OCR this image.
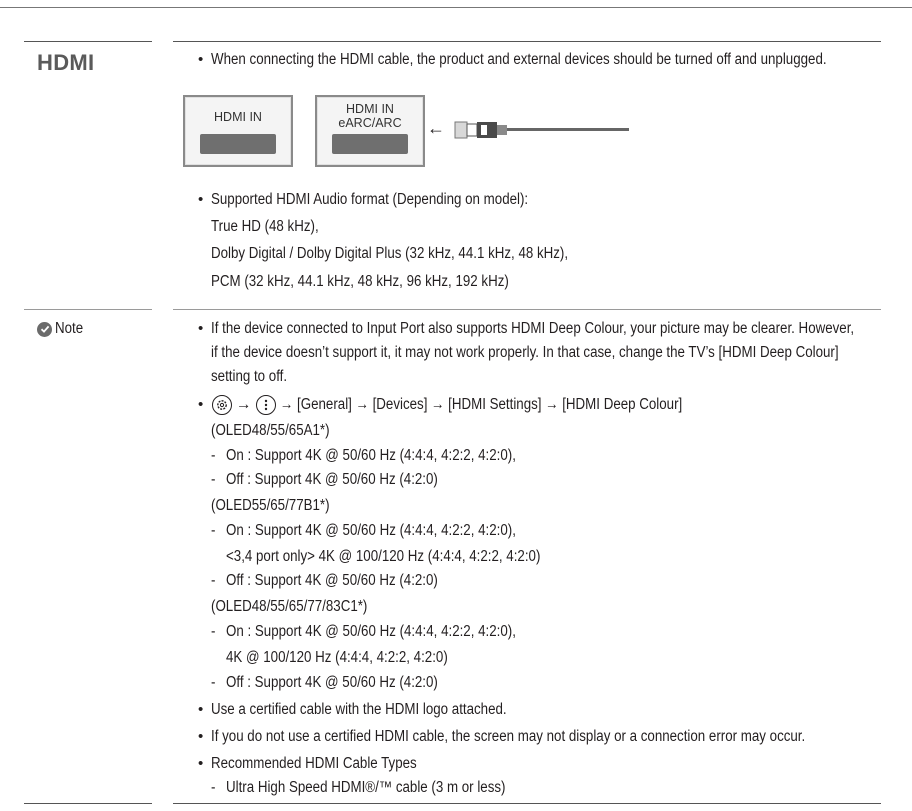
HDMI	• When connecting the HDMI cable, the product and external devices should be turned off and unplugged.
HDMI IN
HDMI IN
eARC/ARC	←
• Supported HDMI Audio format (Depending on model):
True HD (48 kHz),
Dolby Digital / Dolby Digital Plus (32 kHz, 44.1 kHz, 48 kHz),
PCM (32 kHz, 44.1 kHz, 48 kHz, 96 kHz, 192 kHz)
Note	• If the device connected to Input Port also supports HDMI Deep Colour, your picture may be clearer. However,
if the device doesn’t support it, it may not work properly. In that case, change the TV’s [HDMI Deep Colour]
setting to off.
• → → [General] → [Devices] → [HDMI Settings] → [HDMI Deep Colour]
(OLED48/55/65A1*)
- On : Support 4K @ 50/60 Hz (4:4:4, 4:2:2, 4:2:0),
- Off : Support 4K @ 50/60 Hz (4:2:0)
(OLED55/65/77B1*)
- On : Support 4K @ 50/60 Hz (4:4:4, 4:2:2, 4:2:0),
<3,4 port only> 4K @ 100/120 Hz (4:4:4, 4:2:2, 4:2:0)
- Off : Support 4K @ 50/60 Hz (4:2:0)
(OLED48/55/65/77/83C1*)
- On : Support 4K @ 50/60 Hz (4:4:4, 4:2:2, 4:2:0),
4K @ 100/120 Hz (4:4:4, 4:2:2, 4:2:0)
- Off : Support 4K @ 50/60 Hz (4:2:0)
• Use a certified cable with the HDMI logo attached.
• If you do not use a certified HDMI cable, the screen may not display or a connection error may occur.
• Recommended HDMI Cable Types
- Ultra High Speed HDMI®/™ cable (3 m or less)
